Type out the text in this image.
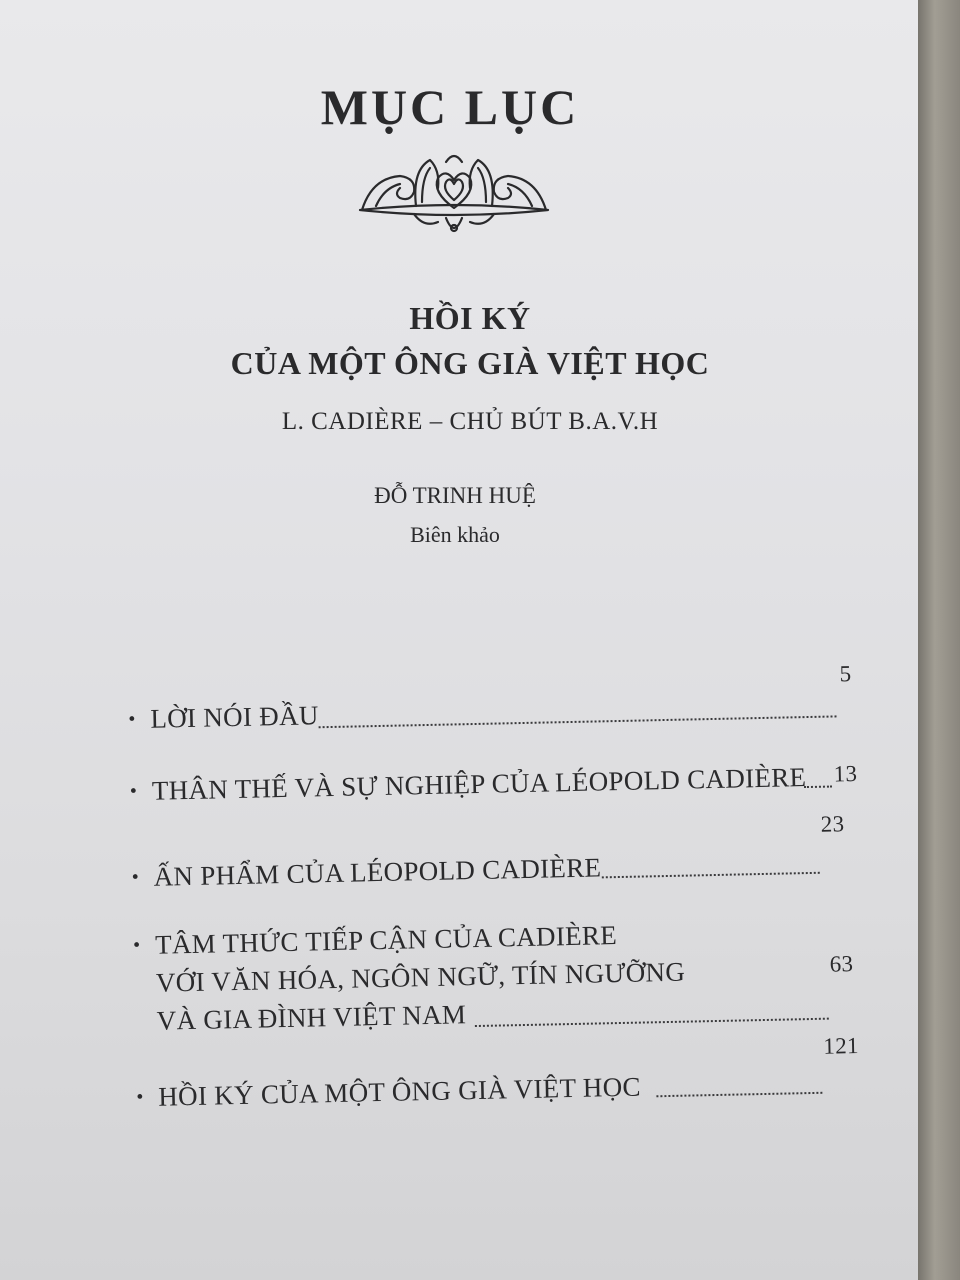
MỤC LỤC
HỒI KÝ
CỦA MỘT ÔNG GIÀ VIỆT HỌC
L. CADIÈRE – CHỦ BÚT B.A.V.H
ĐỖ TRINH HUỆ
Biên khảo
• LỜI NÓI ĐẦU
5
• THÂN THẾ VÀ SỰ NGHIỆP CỦA LÉOPOLD CADIÈRE 13
• ẤN PHẨM CỦA LÉOPOLD CADIÈRE
23
• TÂM THỨC TIẾP CẬN CỦA CADIÈRE
VỚI VĂN HÓA, NGÔN NGỮ, TÍN NGƯỠNG
VÀ GIA ĐÌNH VIỆT NAM
63
• HỒI KÝ CỦA MỘT ÔNG GIÀ VIỆT HỌC
121
